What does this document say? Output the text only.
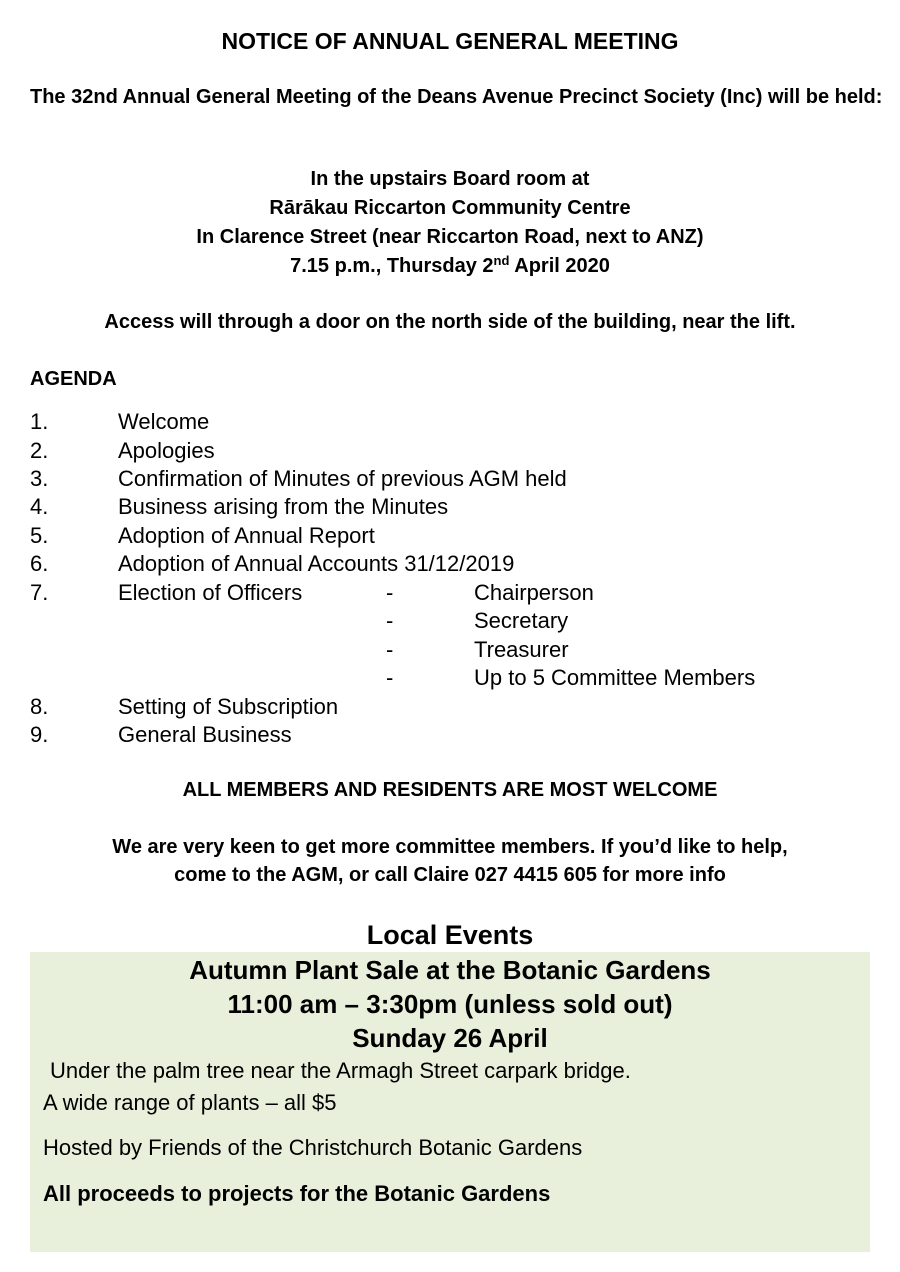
NOTICE OF ANNUAL GENERAL MEETING
The 32nd Annual General Meeting of the Deans Avenue Precinct Society (Inc) will be held:
In the upstairs Board room at
Rārākau Riccarton Community Centre
In Clarence Street (near Riccarton Road, next to ANZ)
7.15 p.m., Thursday 2nd April 2020
Access will through a door on the north side of the building, near the lift.
AGENDA
1.	Welcome
2.	Apologies
3.	Confirmation of Minutes of previous AGM held
4.	Business arising from the Minutes
5.	Adoption of Annual Report
6.	Adoption of Annual Accounts 31/12/2019
7.	Election of Officers	-	Chairperson
-	Secretary
-	Treasurer
-	Up to 5 Committee Members
8.	Setting of Subscription
9.	General Business
ALL MEMBERS AND RESIDENTS ARE MOST WELCOME
We are very keen to get more committee members. If you’d like to help,
come to the AGM, or call Claire 027 4415 605 for more info
Local Events
Autumn Plant Sale at the Botanic Gardens
11:00 am – 3:30pm (unless sold out)
Sunday 26 April
Under the palm tree near the Armagh Street carpark bridge.
A wide range of plants – all $5
Hosted by Friends of the Christchurch Botanic Gardens
All proceeds to projects for the Botanic Gardens
